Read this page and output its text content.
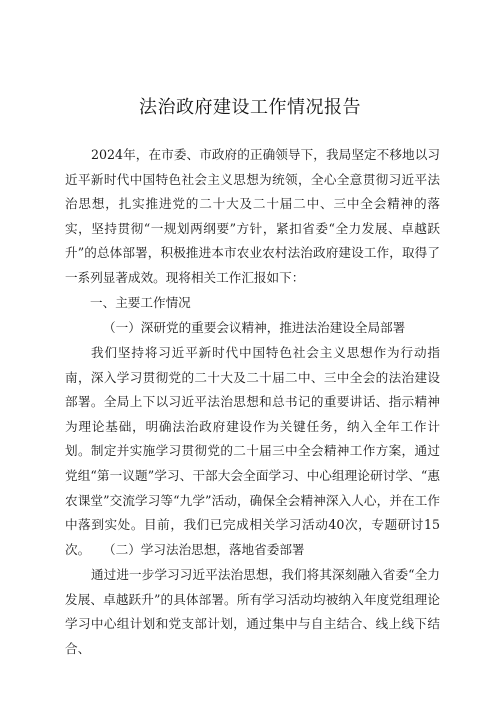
法治政府建设工作情况报告

2024年，在市委、市政府的正确领导下，我局坚定不移地以习近平新时代中国特色社会主义思想为统领，全心全意贯彻习近平法治思想，扎实推进党的二十大及二十届二中、三中全会精神的落实，坚持贯彻“一规划两纲要”方针，紧扣省委“全力发展、卓越跃升”的总体部署，积极推进本市农业农村法治政府建设工作，取得了一系列显著成效。现将相关工作汇报如下：

一、主要工作情况

（一）深研党的重要会议精神，推进法治建设全局部署

我们坚持将习近平新时代中国特色社会主义思想作为行动指南，深入学习贯彻党的二十大及二十届二中、三中全会的法治建设部署。全局上下以习近平法治思想和总书记的重要讲话、指示精神为理论基础，明确法治政府建设作为关键任务，纳入全年工作计划。制定并实施学习贯彻党的二十届三中全会精神工作方案，通过党组“第一议题”学习、干部大会全面学习、中心组理论研讨学、“惠农课堂”交流学习等“九学”活动，确保全会精神深入人心，并在工作中落到实处。目前，我们已完成相关学习活动40次，专题研讨15次。	（二）学习法治思想，落地省委部署

通过进一步学习习近平法治思想，我们将其深刻融入省委“全力发展、卓越跃升”的具体部署。所有学习活动均被纳入年度党组理论学习中心组计划和党支部计划，通过集中与自主结合、线上线下结合、
